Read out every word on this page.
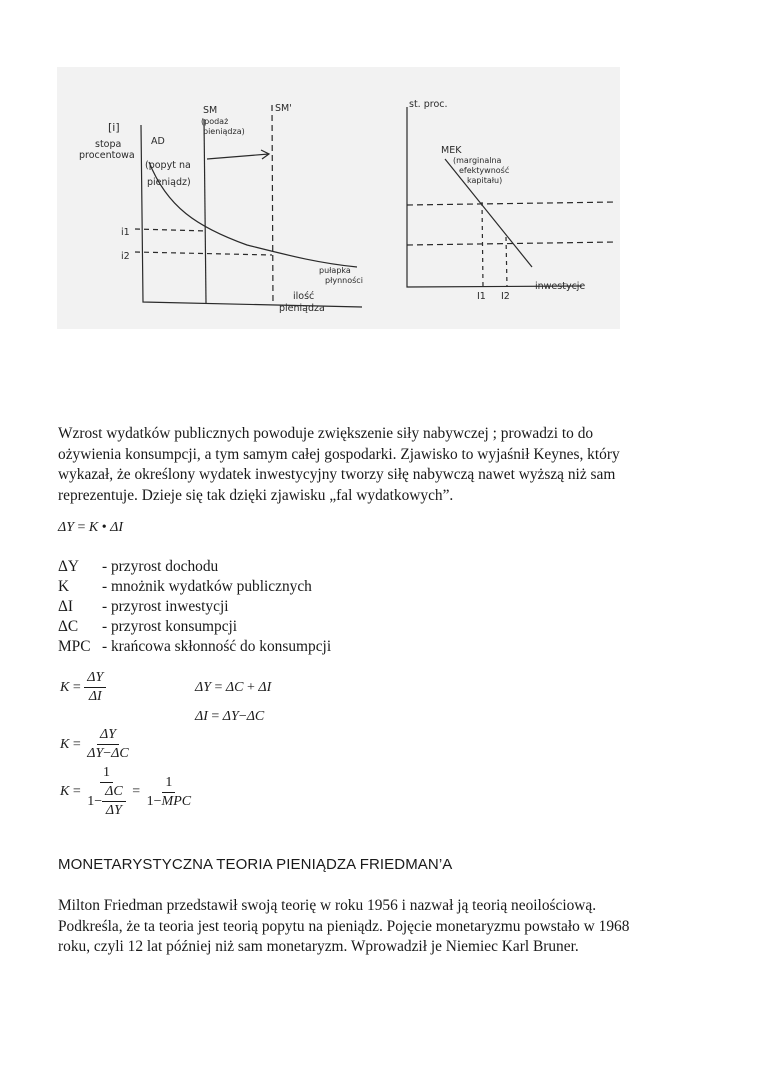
[i]
stopa
procentowa
AD
(popyt na
pieniądz)
SM
(podaż
pieniądza)
SM'
i1
i2
pułapka
płynności
ilość
pieniądza
st. proc.
MEK
(marginalna
efektywność
kapitału)
inwestycje
I1 I2
Wzrost wydatków publicznych powoduje zwiększenie siły nabywczej ; prowadzi to do
ożywienia konsumpcji, a tym samym całej gospodarki. Zjawisko to wyjaśnił Keynes, który
wykazał, że określony wydatek inwestycyjny tworzy siłę nabywczą nawet wyższą niż sam
reprezentuje. Dzieje się tak dzięki zjawisku „fal wydatkowych”.
ΔY
=
K
•
ΔI
ΔY	- przyrost dochodu
K	- mnożnik wydatków publicznych
ΔI	- przyrost inwestycji
ΔC	- przyrost konsumpcji
MPC - krańcowa skłonność do konsumpcji
K
=
$\frac{\Delta Y}{\Delta I}$	ΔY
=
ΔC
+
ΔI
ΔI
=
ΔY − ΔC
K
=
$\frac{\Delta Y}{\Delta Y-\Delta C}$
K
=
$\frac{1}{1 - \frac{\Delta C}{\Delta Y}}$
=
$\frac{1}{\text{1−MPC}}$
MONETARYSTYCZNA TEORIA PIENIĄDZA FRIEDMAN’A
Milton Friedman przedstawił swoją teorię w roku 1956 i nazwał ją teorią neoilościową.
Podkreśla, że ta teoria jest teorią popytu na pieniądz. Pojęcie monetaryzmu powstało w 1968
roku, czyli 12 lat później niż sam monetaryzm. Wprowadził je Niemiec Karl Bruner.
